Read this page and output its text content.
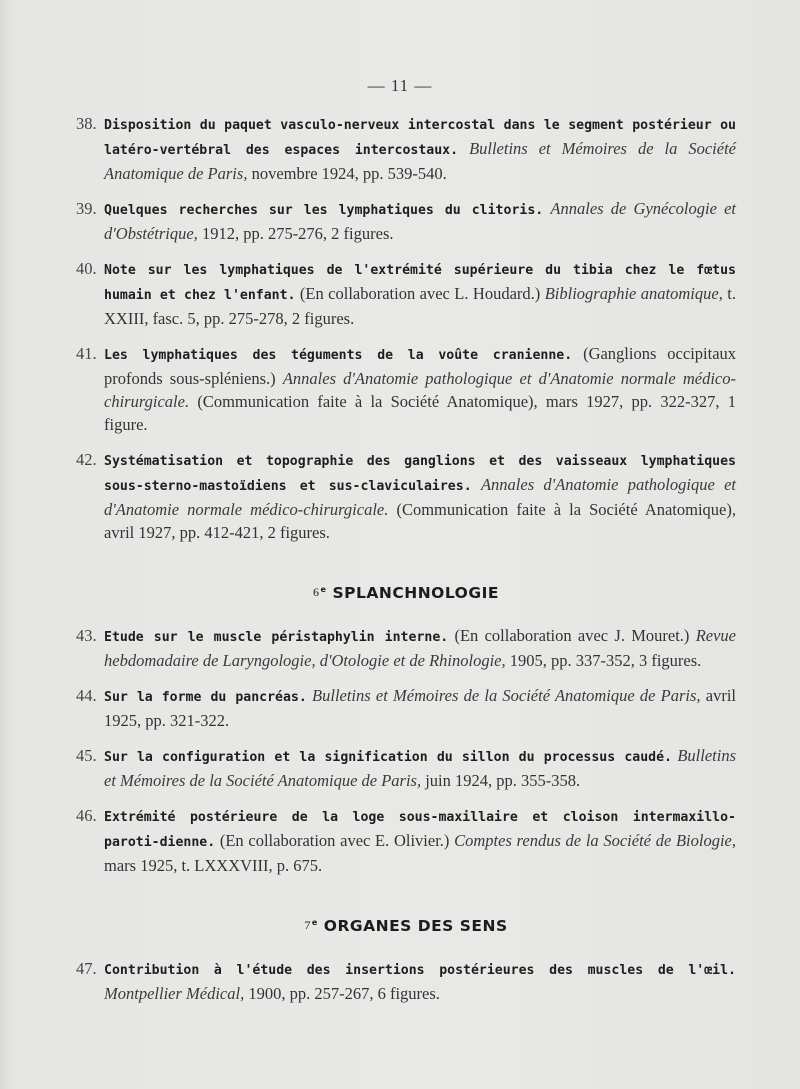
— 11 —
38. Disposition du paquet vasculo-nerveux intercostal dans le segment postérieur ou latéro-vertébral des espaces intercostaux. Bulletins et Mémoires de la Société Anatomique de Paris, novembre 1924, pp. 539-540.
39. Quelques recherches sur les lymphatiques du clitoris. Annales de Gynécologie et d'Obstétrique, 1912, pp. 275-276, 2 figures.
40. Note sur les lymphatiques de l'extrémité supérieure du tibia chez le fœtus humain et chez l'enfant. (En collaboration avec L. Houdard.) Bibliographie anatomique, t. XXIII, fasc. 5, pp. 275-278, 2 figures.
41. Les lymphatiques des téguments de la voûte cranienne. (Ganglions occipitaux profonds sous-spléniens.) Annales d'Anatomie pathologique et d'Anatomie normale médico-chirurgicale. (Communication faite à la Société Anatomique), mars 1927, pp. 322-327, 1 figure.
42. Systématisation et topographie des ganglions et des vaisseaux lymphatiques sous-sterno-mastoïdiens et sus-claviculaires. Annales d'Anatomie pathologique et d'Anatomie normale médico-chirurgicale. (Communication faite à la Société Anatomique), avril 1927, pp. 412-421, 2 figures.
6e SPLANCHNOLOGIE
43. Etude sur le muscle péristaphylin interne. (En collaboration avec J. Mouret.) Revue hebdomadaire de Laryngologie, d'Otologie et de Rhinologie, 1905, pp. 337-352, 3 figures.
44. Sur la forme du pancréas. Bulletins et Mémoires de la Société Anatomique de Paris, avril 1925, pp. 321-322.
45. Sur la configuration et la signification du sillon du processus caudé. Bulletins et Mémoires de la Société Anatomique de Paris, juin 1924, pp. 355-358.
46. Extrémité postérieure de la loge sous-maxillaire et cloison intermaxillo-paroti-dienne. (En collaboration avec E. Olivier.) Comptes rendus de la Société de Biologie, mars 1925, t. LXXXVIII, p. 675.
7e ORGANES DES SENS
47. Contribution à l'étude des insertions postérieures des muscles de l'œil. Montpellier Médical, 1900, pp. 257-267, 6 figures.
